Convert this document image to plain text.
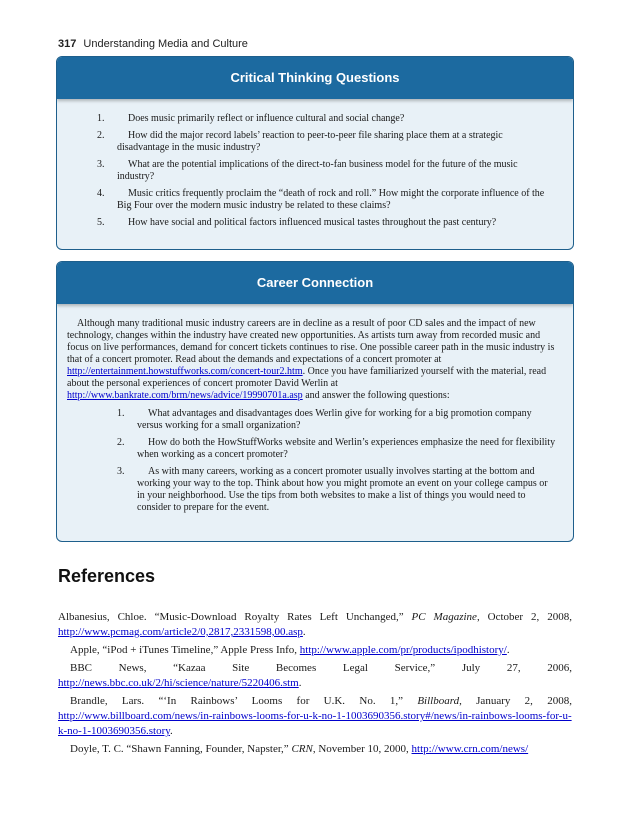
317 Understanding Media and Culture
Critical Thinking Questions
1.	Does music primarily reflect or influence cultural and social change?
2.	How did the major record labels’ reaction to peer-to-peer file sharing place them at a strategic disadvantage in the music industry?
3.	What are the potential implications of the direct-to-fan business model for the future of the music industry?
4.	Music critics frequently proclaim the “death of rock and roll.” How might the corporate influence of the Big Four over the modern music industry be related to these claims?
5.	How have social and political factors influenced musical tastes throughout the past century?
Career Connection

Although many traditional music industry careers are in decline as a result of poor CD sales and the impact of new technology, changes within the industry have created new opportunities. As artists turn away from recorded music and focus on live performances, demand for concert tickets continues to rise. One possible career path in the music industry is that of a concert promoter. Read about the demands and expectations of a concert promoter at http://entertainment.howstuffworks.com/concert-tour2.htm. Once you have familiarized yourself with the material, read about the personal experiences of concert promoter David Werlin at http://www.bankrate.com/brm/news/advice/19990701a.asp and answer the following questions:

1.	What advantages and disadvantages does Werlin give for working for a big promotion company versus working for a small organization?
2.	How do both the HowStuffWorks website and Werlin’s experiences emphasize the need for flexibility when working as a concert promoter?
3.	As with many careers, working as a concert promoter usually involves starting at the bottom and working your way to the top. Think about how you might promote an event on your college campus or in your neighborhood. Use the tips from both websites to make a list of things you would need to consider to prepare for the event.
References

Albanesius, Chloe. “Music-Download Royalty Rates Left Unchanged,” PC Magazine, October 2, 2008, http://www.pcmag.com/article2/0,2817,2331598,00.asp.

Apple, “iPod + iTunes Timeline,” Apple Press Info, http://www.apple.com/pr/products/ipodhistory/.

BBC News, “Kazaa Site Becomes Legal Service,” July 27, 2006, http://news.bbc.co.uk/2/hi/science/nature/5220406.stm.

Brandle, Lars. “‘In Rainbows’ Looms for U.K. No. 1,” Billboard, January 2, 2008, http://www.billboard.com/news/in-rainbows-looms-for-u-k-no-1-1003690356.story#/news/in-rainbows-looms-for-u-k-no-1-1003690356.story.

Doyle, T. C. “Shawn Fanning, Founder, Napster,” CRN, November 10, 2000, http://www.crn.com/news/
